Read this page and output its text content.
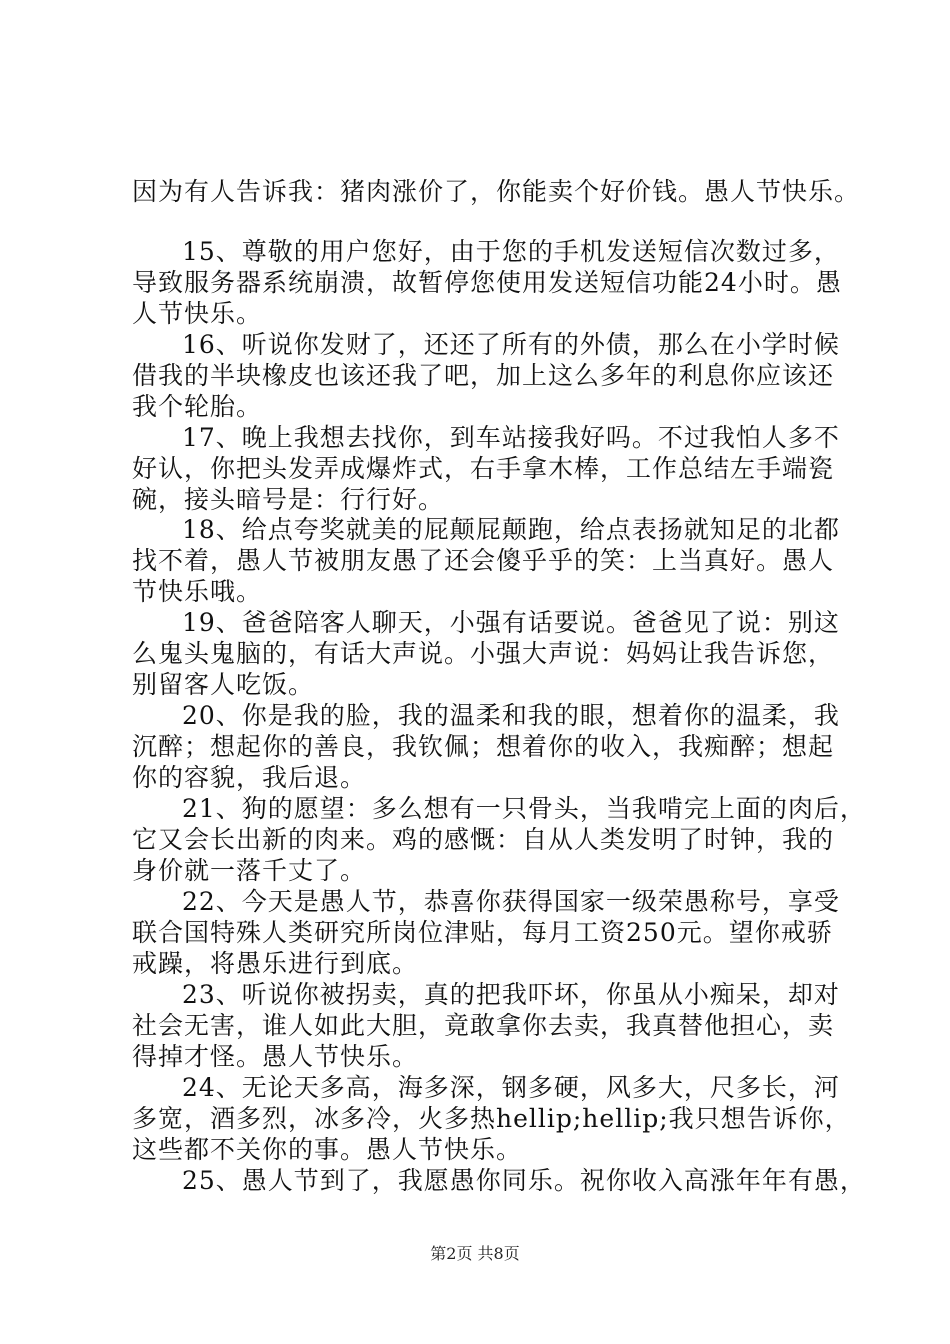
因为有人告诉我：猪肉涨价了，你能卖个好价钱。愚人节快乐。
15、尊敬的用户您好，由于您的手机发送短信次数过多，
导致服务器系统崩溃，故暂停您使用发送短信功能24小时。愚
人节快乐。
16、听说你发财了，还还了所有的外债，那么在小学时候
借我的半块橡皮也该还我了吧，加上这么多年的利息你应该还
我个轮胎。
17、晚上我想去找你，到车站接我好吗。不过我怕人多不
好认，你把头发弄成爆炸式，右手拿木棒，工作总结左手端瓷
碗，接头暗号是：行行好。
18、给点夸奖就美的屁颠屁颠跑，给点表扬就知足的北都
找不着，愚人节被朋友愚了还会傻乎乎的笑：上当真好。愚人
节快乐哦。
19、爸爸陪客人聊天，小强有话要说。爸爸见了说：别这
么鬼头鬼脑的，有话大声说。小强大声说：妈妈让我告诉您，
别留客人吃饭。
20、你是我的脸，我的温柔和我的眼，想着你的温柔，我
沉醉；想起你的善良，我钦佩；想着你的收入，我痴醉；想起
你的容貌，我后退。
21、狗的愿望：多么想有一只骨头，当我啃完上面的肉后，
它又会长出新的肉来。鸡的感慨：自从人类发明了时钟，我的
身价就一落千丈了。
22、今天是愚人节，恭喜你获得国家一级荣愚称号，享受
联合国特殊人类研究所岗位津贴，每月工资250元。望你戒骄
戒躁，将愚乐进行到底。
23、听说你被拐卖，真的把我吓坏，你虽从小痴呆，却对
社会无害，谁人如此大胆，竟敢拿你去卖，我真替他担心，卖
得掉才怪。愚人节快乐。
24、无论天多高，海多深，钢多硬，风多大，尺多长，河
多宽，酒多烈，冰多冷，火多热hellip;hellip;我只想告诉你，
这些都不关你的事。愚人节快乐。
25、愚人节到了，我愿愚你同乐。祝你收入高涨年年有愚，
第2页 共8页
